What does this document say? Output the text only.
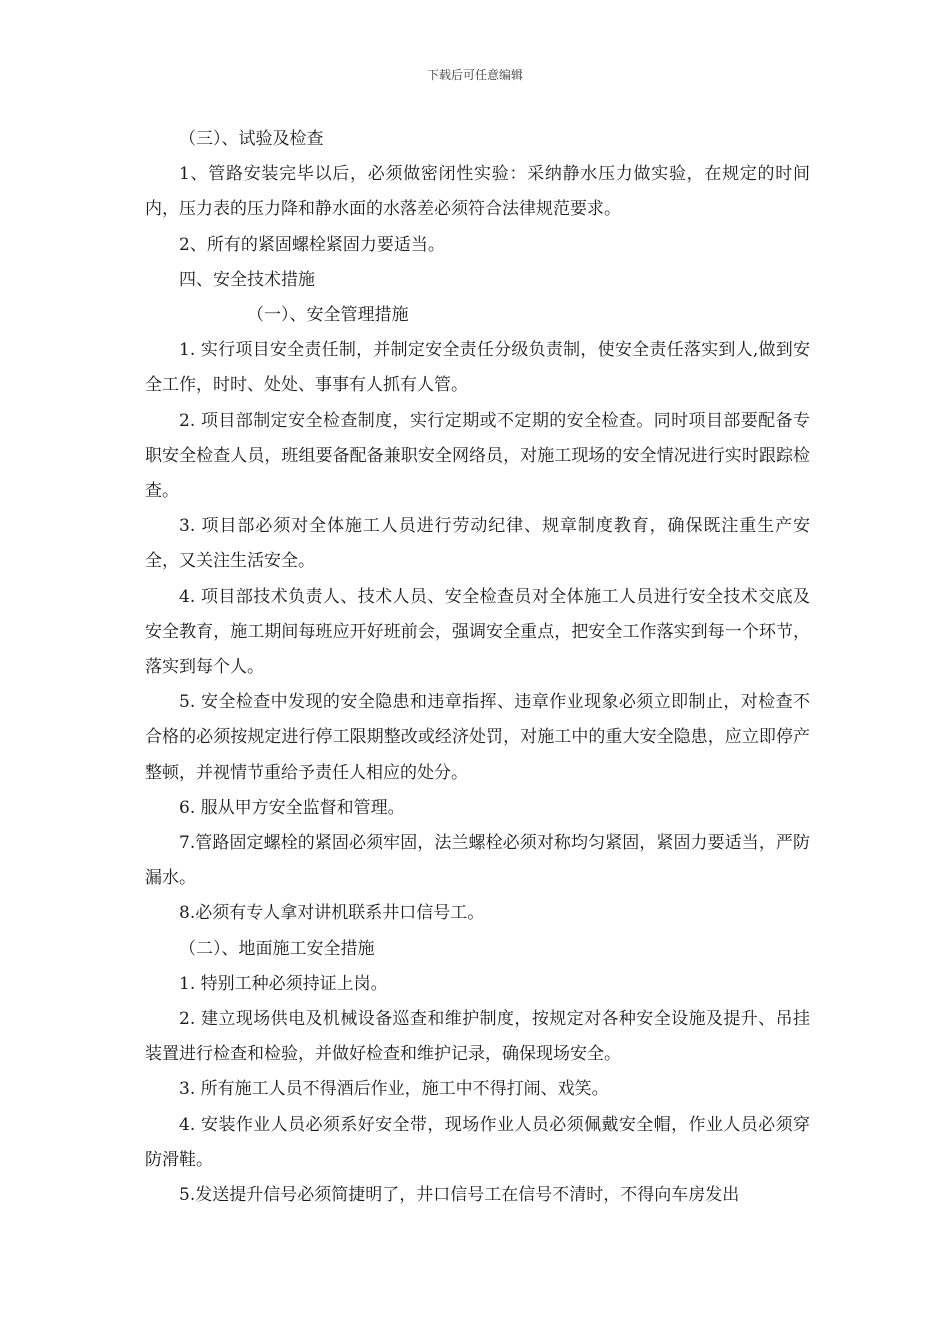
下载后可任意编辑

（三）、试验及检查

1、管路安装完毕以后，必须做密闭性实验：采纳静水压力做实验，在规定的时间内，压力表的压力降和静水面的水落差必须符合法律规范要求。

2、所有的紧固螺栓紧固力要适当。

四、安全技术措施

（一）、安全管理措施

1. 实行项目安全责任制，并制定安全责任分级负责制，使安全责任落实到人,做到安全工作，时时、处处、事事有人抓有人管。

2. 项目部制定安全检查制度，实行定期或不定期的安全检查。同时项目部要配备专职安全检查人员，班组要备配备兼职安全网络员，对施工现场的安全情况进行实时跟踪检查。

3. 项目部必须对全体施工人员进行劳动纪律、规章制度教育，确保既注重生产安全，又关注生活安全。

4. 项目部技术负责人、技术人员、安全检查员对全体施工人员进行安全技术交底及安全教育，施工期间每班应开好班前会，强调安全重点，把安全工作落实到每一个环节，落实到每个人。

5. 安全检查中发现的安全隐患和违章指挥、违章作业现象必须立即制止，对检查不合格的必须按规定进行停工限期整改或经济处罚，对施工中的重大安全隐患，应立即停产整顿，并视情节重给予责任人相应的处分。

6. 服从甲方安全监督和管理。

7.管路固定螺栓的紧固必须牢固，法兰螺栓必须对称均匀紧固，紧固力要适当，严防漏水。

8.必须有专人拿对讲机联系井口信号工。

（二）、地面施工安全措施

1. 特别工种必须持证上岗。

2. 建立现场供电及机械设备巡查和维护制度，按规定对各种安全设施及提升、吊挂装置进行检查和检验，并做好检查和维护记录，确保现场安全。

3. 所有施工人员不得酒后作业，施工中不得打闹、戏笑。

4. 安装作业人员必须系好安全带，现场作业人员必须佩戴安全帽，作业人员必须穿防滑鞋。

5.发送提升信号必须简捷明了，井口信号工在信号不清时，不得向车房发出
